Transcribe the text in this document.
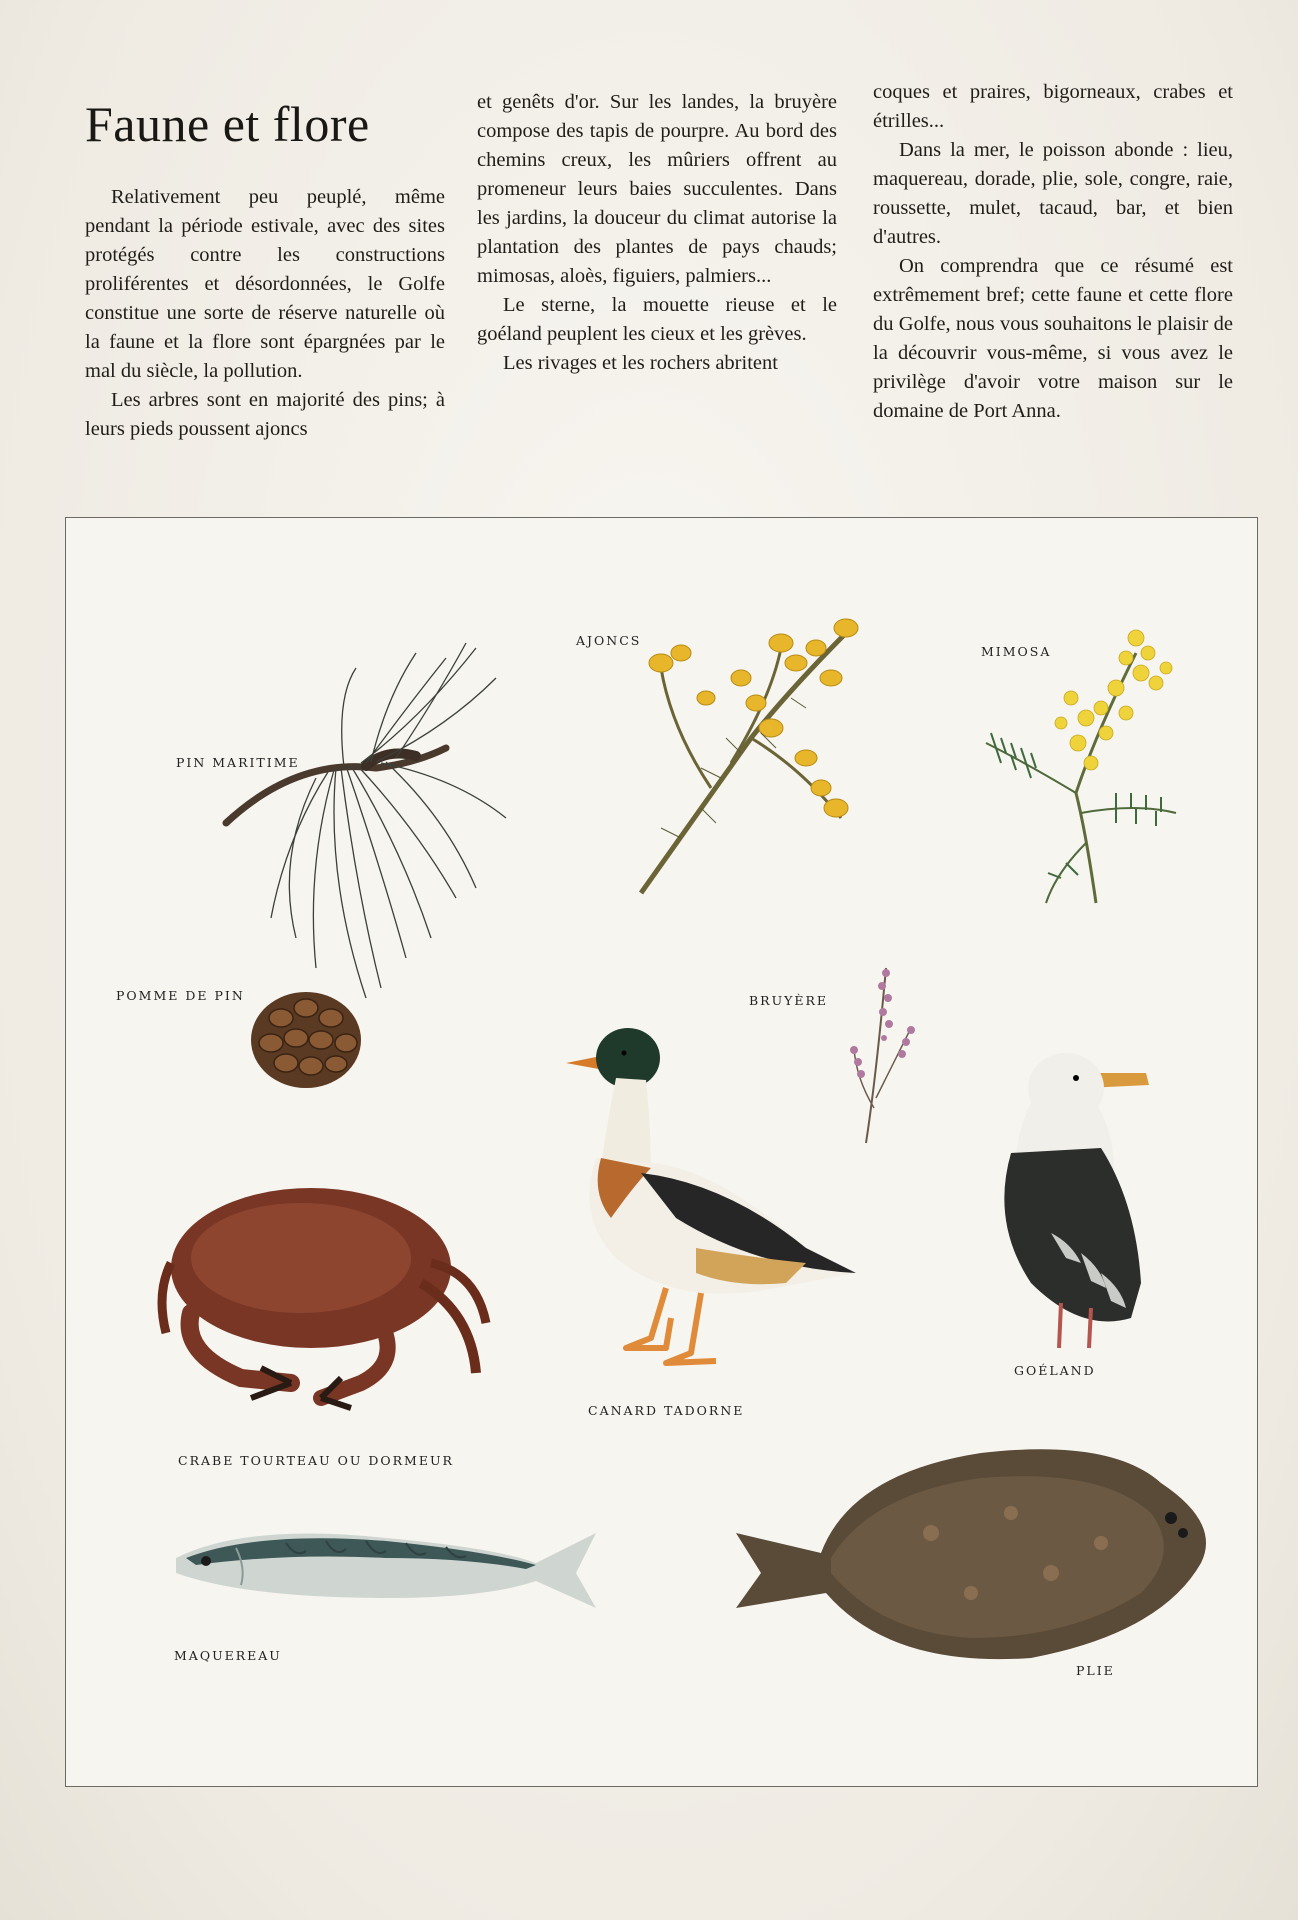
Faune et flore

Relativement peu peuplé, même pendant la période estivale, avec des sites protégés contre les constructions proliférentes et désordonnées, le Golfe constitue une sorte de réserve naturelle où la faune et la flore sont épargnées par le mal du siècle, la pollution.

Les arbres sont en majorité des pins; à leurs pieds poussent ajoncs

et genêts d'or. Sur les landes, la bruyère compose des tapis de pourpre. Au bord des chemins creux, les mûriers offrent au promeneur leurs baies succulentes. Dans les jardins, la douceur du climat autorise la plantation des plantes de pays chauds; mimosas, aloès, figuiers, palmiers...

Le sterne, la mouette rieuse et le goéland peuplent les cieux et les grèves.

Les rivages et les rochers abritent

coques et praires, bigorneaux, crabes et étrilles...

Dans la mer, le poisson abonde : lieu, maquereau, dorade, plie, sole, congre, raie, roussette, mulet, tacaud, bar, et bien d'autres.

On comprendra que ce résumé est extrêmement bref; cette faune et cette flore du Golfe, nous vous souhaitons le plaisir de la découvrir vous-même, si vous avez le privilège d'avoir votre maison sur le domaine de Port Anna.

PIN MARITIME
AJONCS
MIMOSA
POMME DE PIN	BRUYÈRE
CANARD TADORNE
GOÉLAND
CRABE TOURTEAU OU DORMEUR
MAQUEREAU
PLIE
